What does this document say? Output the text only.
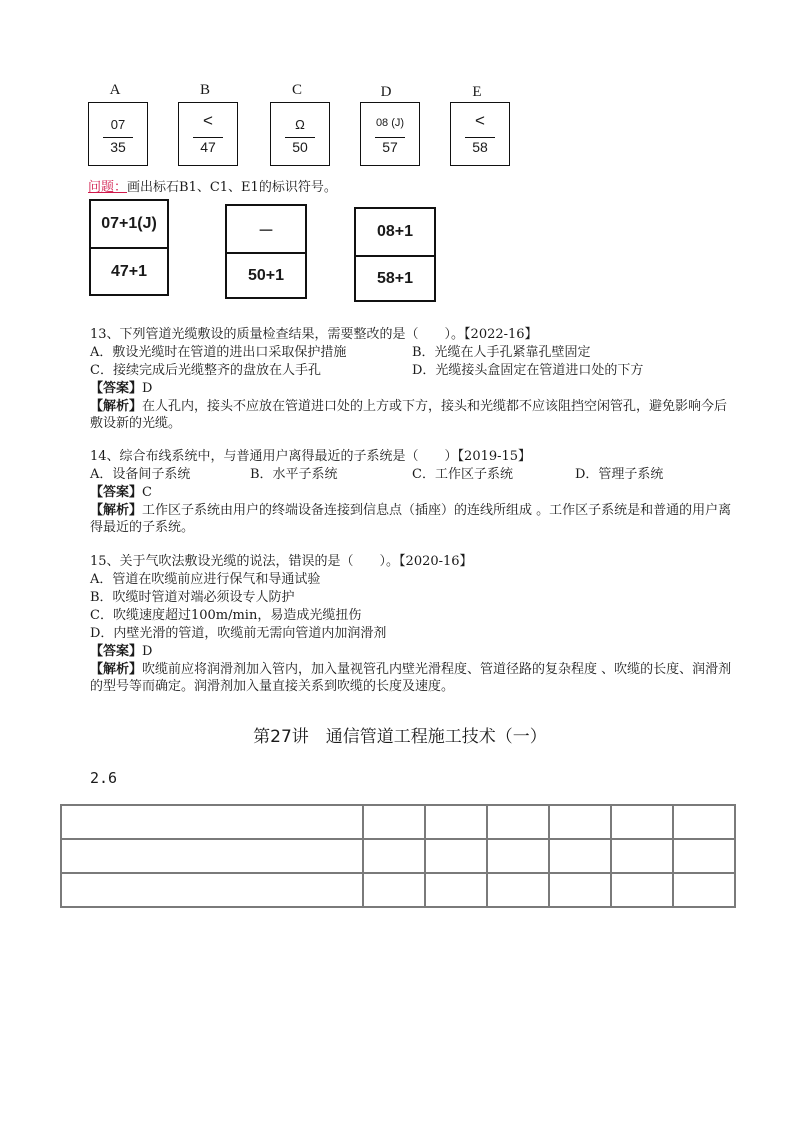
A
07
35
B
<
47
C
Ω
50
D
08 (J)
57
E
<
58
问题：画出标石B1、C1、E1的标识符号。
07+1(J)
47+1
－
50+1
08+1
58+1
13、下列管道光缆敷设的质量检查结果，需要整改的是（　　）。【2022-16】
A．敷设光缆时在管道的进出口采取保护措施	B．光缆在人手孔紧靠孔壁固定
C．接续完成后光缆整齐的盘放在人手孔	D．光缆接头盒固定在管道进口处的下方
【答案】D
【解析】在人孔内，接头不应放在管道进口处的上方或下方，接头和光缆都不应该阻挡空闲管孔，避免影响今后敷设新的光缆。
14、综合布线系统中，与普通用户离得最近的子系统是（　　）【2019-15】
A．设备间子系统	B．水平子系统	C．工作区子系统	D．管理子系统
【答案】C
【解析】工作区子系统由用户的终端设备连接到信息点（插座）的连线所组成 。工作区子系统是和普通的用户离得最近的子系统。
15、关于气吹法敷设光缆的说法，错误的是（　　）。【2020-16】
A．管道在吹缆前应进行保气和导通试验
B．吹缆时管道对端必须设专人防护
C．吹缆速度超过100m/min，易造成光缆扭伤
D．内壁光滑的管道，吹缆前无需向管道内加润滑剂
【答案】D
【解析】吹缆前应将润滑剂加入管内，加入量视管孔内壁光滑程度、管道径路的复杂程度 、吹缆的长度、润滑剂的型号等而确定。润滑剂加入量直接关系到吹缆的长度及速度。
第27讲　通信管道工程施工技术（一）
2.6
